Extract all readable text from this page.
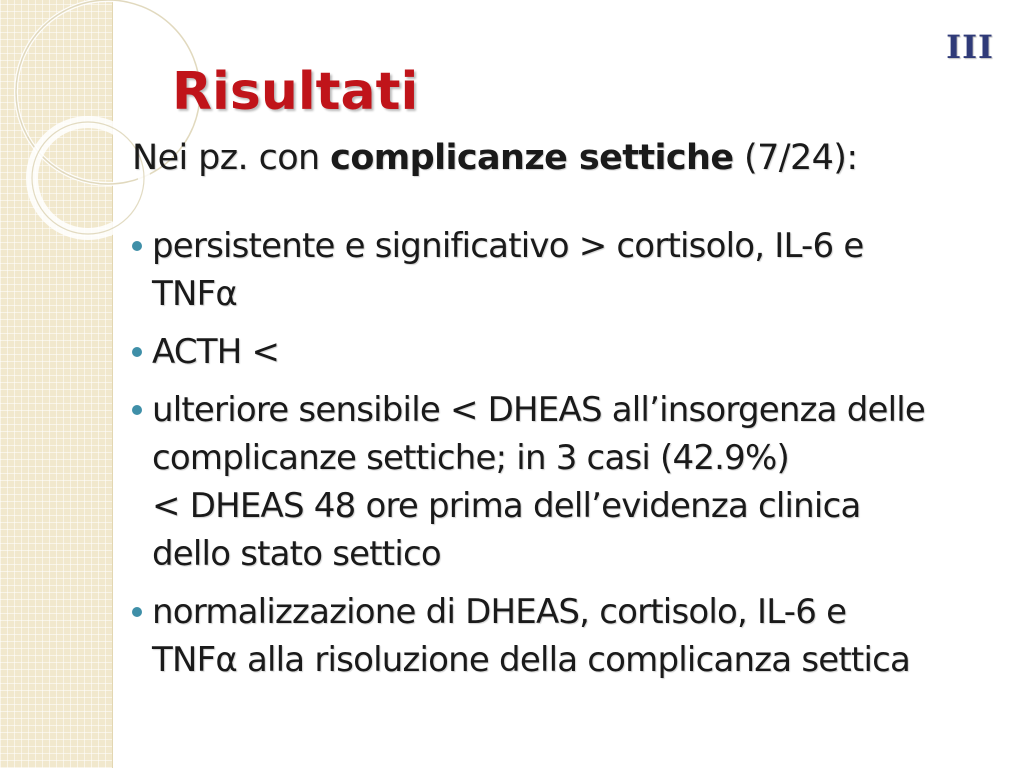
III
Risultati
Nei pz. con complicanze settiche (7/24):
persistente e significativo > cortisolo, IL-6 e
TNFα
ACTH <
ulteriore sensibile < DHEAS all’insorgenza delle
complicanze settiche; in 3 casi (42.9%)
< DHEAS 48 ore prima dell’evidenza clinica
dello stato settico
normalizzazione di DHEAS, cortisolo, IL-6 e
TNFα alla risoluzione della complicanza settica
